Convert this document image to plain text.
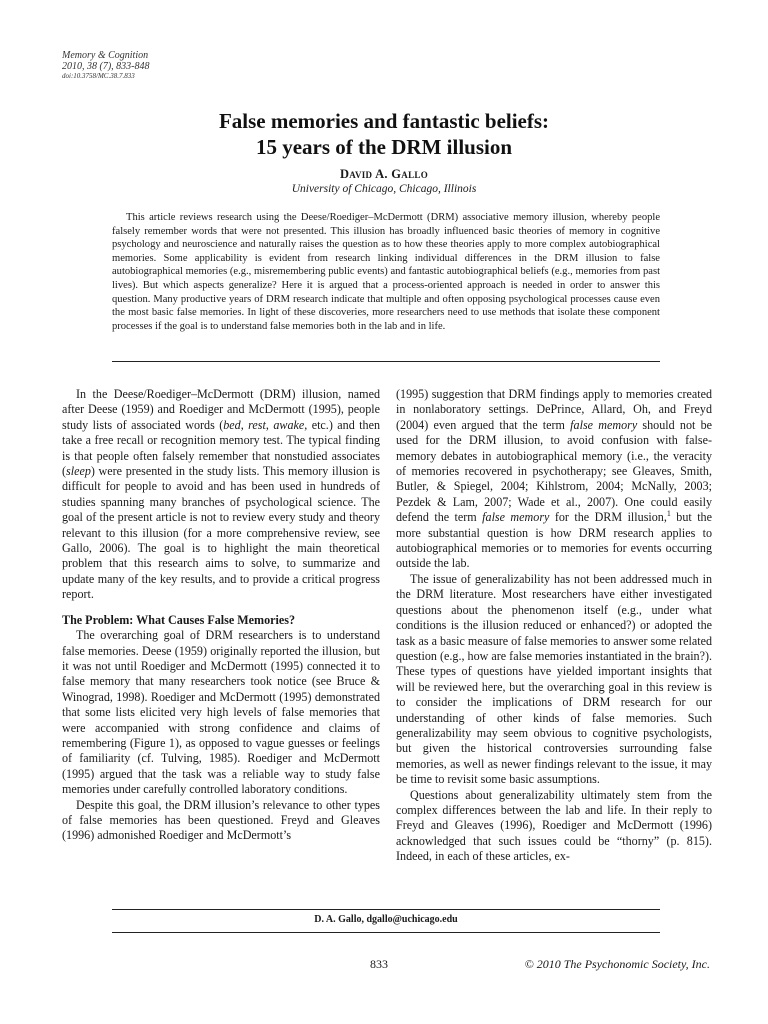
Memory & Cognition
2010, 38 (7), 833-848
doi:10.3758/MC.38.7.833
False memories and fantastic beliefs:
15 years of the DRM illusion
David A. Gallo
University of Chicago, Chicago, Illinois
This article reviews research using the Deese/Roediger–McDermott (DRM) associative memory illusion, whereby people falsely remember words that were not presented. This illusion has broadly influenced basic theories of memory in cognitive psychology and neuroscience and naturally raises the question as to how these theories apply to more complex autobiographical memories. Some applicability is evident from research linking individual differences in the DRM illusion to false autobiographical memories (e.g., misremembering public events) and fantastic autobiographical beliefs (e.g., memories from past lives). But which aspects generalize? Here it is argued that a process-oriented approach is needed in order to answer this question. Many productive years of DRM research indicate that multiple and often opposing psychological processes cause even the most basic false memories. In light of these discoveries, more researchers need to use methods that isolate these component processes if the goal is to understand false memories both in the lab and in life.

In the Deese/Roediger–McDermott (DRM) illusion, named after Deese (1959) and Roediger and McDermott (1995), people study lists of associated words (bed, rest, awake, etc.) and then take a free recall or recognition memory test. The typical finding is that people often falsely remember that nonstudied associates (sleep) were presented in the study lists. This memory illusion is difficult for people to avoid and has been used in hundreds of studies spanning many branches of psychological science. The goal of the present article is not to review every study and theory relevant to this illusion (for a more comprehensive review, see Gallo, 2006). The goal is to highlight the main theoretical problem that this research aims to solve, to summarize and update many of the key results, and to provide a critical progress report.

The Problem: What Causes False Memories?

The overarching goal of DRM researchers is to understand false memories. Deese (1959) originally reported the illusion, but it was not until Roediger and McDermott (1995) connected it to false memory that many researchers took notice (see Bruce & Winograd, 1998). Roediger and McDermott (1995) demonstrated that some lists elicited very high levels of false memories that were accompanied with strong confidence and claims of remembering (Figure 1), as opposed to vague guesses or feelings of familiarity (cf. Tulving, 1985). Roediger and McDermott (1995) argued that the task was a reliable way to study false memories under carefully controlled laboratory conditions.

Despite this goal, the DRM illusion’s relevance to other types of false memories has been questioned. Freyd and Gleaves (1996) admonished Roediger and McDermott’s

(1995) suggestion that DRM findings apply to memories created in nonlaboratory settings. DePrince, Allard, Oh, and Freyd (2004) even argued that the term false memory should not be used for the DRM illusion, to avoid confusion with false-memory debates in autobiographical memory (i.e., the veracity of memories recovered in psychotherapy; see Gleaves, Smith, Butler, & Spiegel, 2004; Kihlstrom, 2004; McNally, 2003; Pezdek & Lam, 2007; Wade et al., 2007). One could easily defend the term false memory for the DRM illusion,$^1$ but the more substantial question is how DRM research applies to autobiographical memories or to memories for events occurring outside the lab.

The issue of generalizability has not been addressed much in the DRM literature. Most researchers have either investigated questions about the phenomenon itself (e.g., under what conditions is the illusion reduced or enhanced?) or adopted the task as a basic measure of false memories to answer some related question (e.g., how are false memories instantiated in the brain?). These types of questions have yielded important insights that will be reviewed here, but the overarching goal in this review is to consider the implications of DRM research for our understanding of other kinds of false memories. Such generalizability may seem obvious to cognitive psychologists, but given the historical controversies surrounding false memories, as well as newer findings relevant to the issue, it may be time to revisit some basic assumptions.

Questions about generalizability ultimately stem from the complex differences between the lab and life. In their reply to Freyd and Gleaves (1996), Roediger and McDermott (1996) acknowledged that such issues could be “thorny” (p. 815). Indeed, in each of these articles, ex-

D. A. Gallo, dgallo@uchicago.edu
833	© 2010 The Psychonomic Society, Inc.
